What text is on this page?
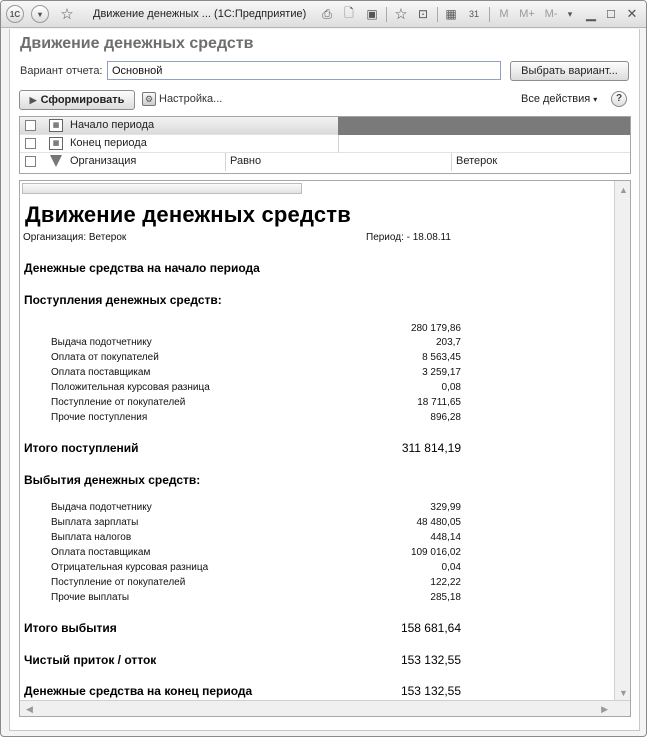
1С	▾	☆ Движение денежных ... (1С:Предприятие) ⎙ 🗋 ▣ ☆ ⊡ ▦	31 M M+ M-	▾ ▁ ☐ ✕
Движение денежных средств
Вариант отчета:
Основной	Выбрать вариант...
▶ Сформировать	⚙ Настройка...	Все действия ▾	?
▦ Начало периода
▦ Конец периода
Организация	Равно	Ветерок
Движение денежных средств
Организация: Ветерок	Период: - 18.08.11
Денежные средства на начало периода
Поступления денежных средств:
280 179,86
Выдача подотчетнику	203,7
Оплата от покупателей	8 563,45
Оплата поставщикам	3 259,17
Положительная курсовая разница	0,08
Поступление от покупателей	18 711,65
Прочие поступления	896,28
Итого поступлений	311 814,19
Выбытия денежных средств:
Выдача подотчетнику	329,99
Выплата зарплаты	48 480,05
Выплата налогов	448,14
Оплата поставщикам	109 016,02
Отрицательная курсовая разница	0,04
Поступление от покупателей	122,22
Прочие выплаты	285,18
Итого выбытия	158 681,64
Чистый приток / отток	153 132,55
Денежные средства на конец периода	153 132,55
▲
▼
◀	▶
